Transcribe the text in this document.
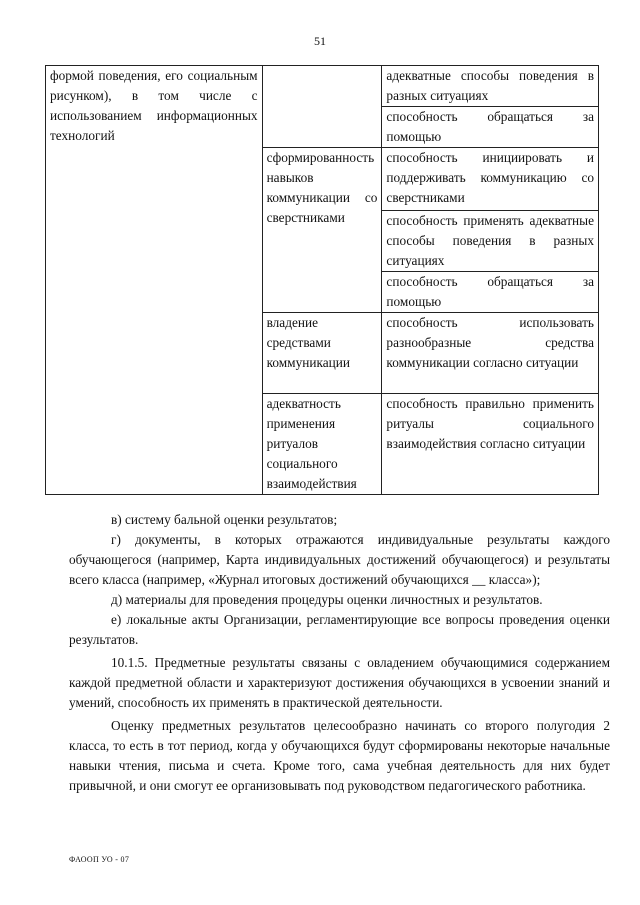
51
формой поведения, его социальным рисунком), в том числе с использованием информационных технологий		адекватные способы поведения в разных ситуациях
		способность обращаться за помощью
	сформированность навыков коммуникации со сверстниками	способность инициировать и поддерживать коммуникацию со сверстниками
		способность применять адекватные способы поведения в разных ситуациях
		способность обращаться за помощью
	владение средствами коммуникации	способность использовать разнообразные средства коммуникации согласно ситуации
	адекватность применения ритуалов социального взаимодействия	способность правильно применить ритуалы социального взаимодействия согласно ситуации

в) систему бальной оценки результатов;

г) документы, в которых отражаются индивидуальные результаты каждого обучающегося (например, Карта индивидуальных достижений обучающегося) и результаты всего класса (например, «Журнал итоговых достижений обучающихся __ класса»);

д) материалы для проведения процедуры оценки личностных и результатов.

е) локальные акты Организации, регламентирующие все вопросы проведения оценки результатов.

10.1.5. Предметные результаты связаны с овладением обучающимися содержанием каждой предметной области и характеризуют достижения обучающихся в усвоении знаний и умений, способность их применять в практической деятельности.

Оценку предметных результатов целесообразно начинать со второго полугодия 2 класса, то есть в тот период, когда у обучающихся будут сформированы некоторые начальные навыки чтения, письма и счета. Кроме того, сама учебная деятельность для них будет привычной, и они смогут ее организовывать под руководством педагогического работника.

ФАООП УО - 07
